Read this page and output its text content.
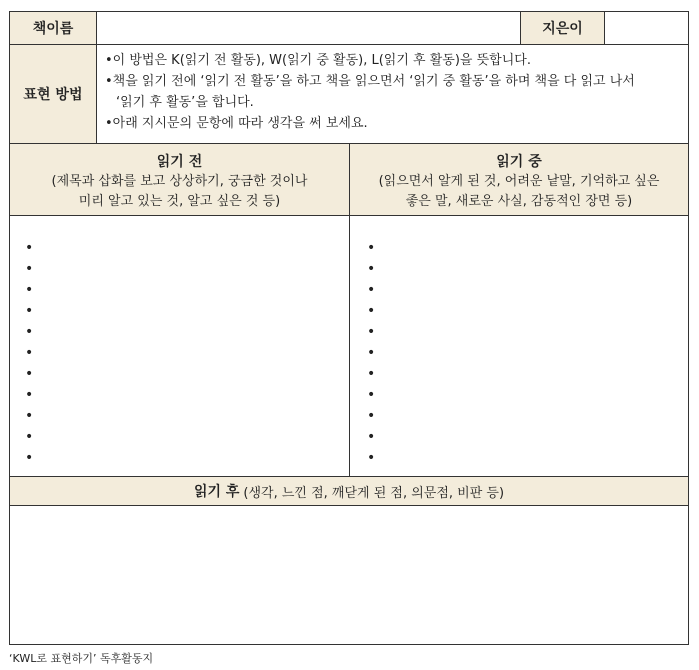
책이름	지은이
표현 방법
•이 방법은 K(읽기 전 활동), W(읽기 중 활동), L(읽기 후 활동)을 뜻합니다.
•책을 읽기 전에 ‘읽기 전 활동’을 하고 책을 읽으면서 ‘읽기 중 활동’을 하며 책을 다 읽고 나서
‘읽기 후 활동’을 합니다.
•아래 지시문의 문항에 따라 생각을 써 보세요.
읽기 전
(제목과 삽화를 보고 상상하기, 궁금한 것이나
미리 알고 있는 것, 알고 싶은 것 등)
읽기 중
(읽으면서 알게 된 것, 어려운 낱말, 기억하고 싶은
좋은 말, 새로운 사실, 감동적인 장면 등)
•
•
•
•
•
•
•
•
•
•
•
•
•
•
•
•
•
•
•
•
•
•
읽기 후 (생각, 느낀 점, 깨닫게 된 점, 의문점, 비판 등)
‘KWL로 표현하기’ 독후활동지
